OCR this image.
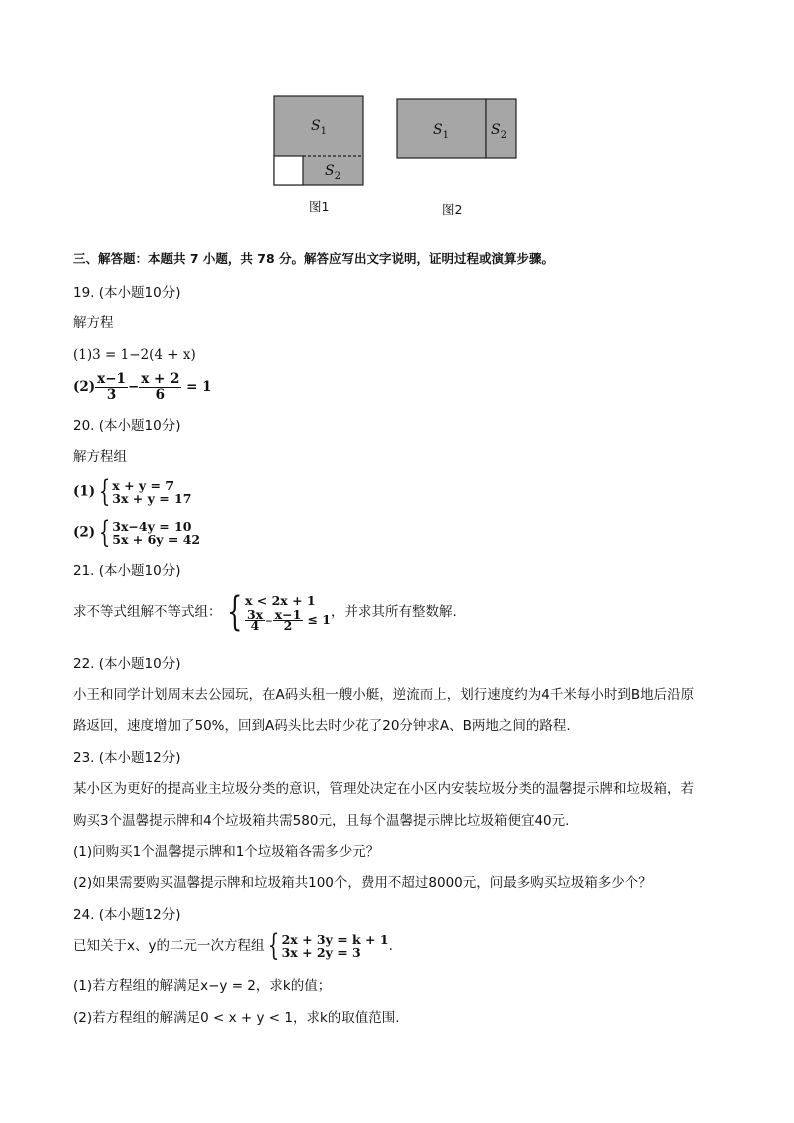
$S_1$
$S_2$
图1
$S_1$	$S_2$
图2
三、解答题：本题共 7 小题，共 78 分。解答应写出文字说明，证明过程或演算步骤。
19. (本小题10分)
解方程
(1)3 = 1−2(4 + x)
$(2) \frac{x-1}{3} - \frac{x + 2}{6} = 1$
20. (本小题10分)
解方程组
(1) { x + y = 7
3x + y = 17
(2) { 3x−4y = 10
5x + 6y = 42
21. (本小题10分)
求不等式组解不等式组： { x < 2x + 1
$\frac{3x}{4} - \frac{x-1}{2} \le 1$ ，并求其所有整数解.
22. (本小题10分)
小王和同学计划周末去公园玩，在A码头租一艘小艇，逆流而上，划行速度约为4千米每小时到B地后沿原
路返回，速度增加了50%，回到A码头比去时少花了20分钟求A、B两地之间的路程.
23. (本小题12分)
某小区为更好的提高业主垃圾分类的意识，管理处决定在小区内安装垃圾分类的温馨提示牌和垃圾箱，若
购买3个温馨提示牌和4个垃圾箱共需580元，且每个温馨提示牌比垃圾箱便宜40元.
(1)问购买1个温馨提示牌和1个垃圾箱各需多少元？
(2)如果需要购买温馨提示牌和垃圾箱共100个，费用不超过8000元，问最多购买垃圾箱多少个？
24. (本小题12分)
已知关于x、y的二元一次方程组 { 2x + 3y = k + 1
3x + 2y = 3	.
(1)若方程组的解满足x−y = 2，求k的值；
(2)若方程组的解满足0 < x + y < 1，求k的取值范围.
